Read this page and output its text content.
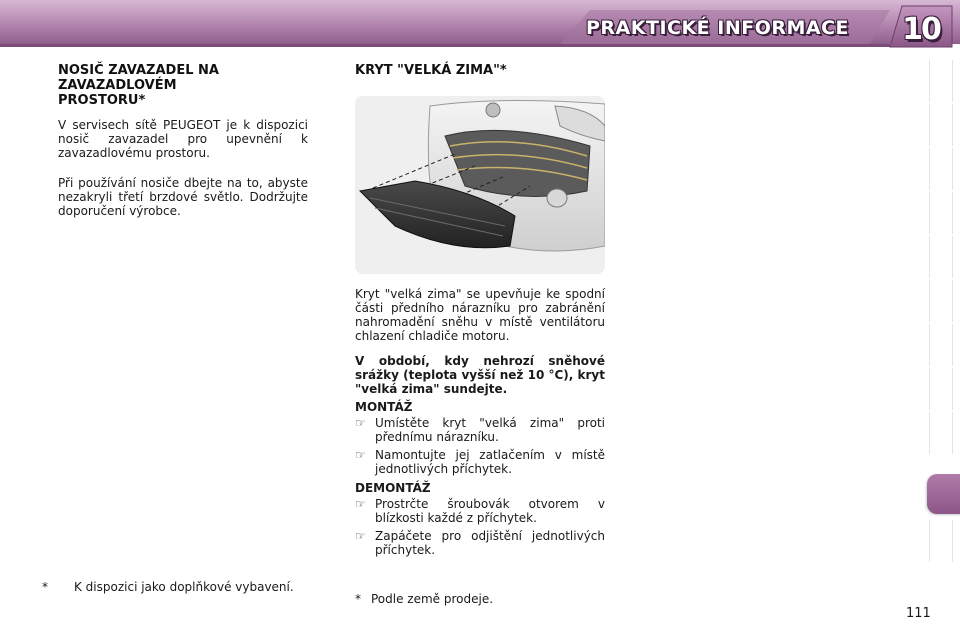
PRAKTICKÉ INFORMACE	10
NOSIČ ZAVAZADEL NA ZAVAZADLOVÉM PROSTORU*
V servisech sítě PEUGEOT je k dispozici nosič zavazadel pro upevnění k zavazadlovému prostoru.
Při používání nosiče dbejte na to, abyste nezakryli třetí brzdové světlo. Dodržujte doporučení výrobce.
* K dispozici jako doplňkové vybavení.
KRYT "VELKÁ ZIMA"*
Kryt "velká zima" se upevňuje ke spodní části předního nárazníku pro zabránění nahromadění sněhu v místě ventilátoru chlazení chladiče motoru.
V období, kdy nehrozí sněhové srážky (teplota vyšší než 10 °C), kryt "velká zima" sundejte.
MONTÁŽ
☞ Umístěte kryt "velká zima" proti přednímu nárazníku.
☞ Namontujte jej zatlačením v místě jednotlivých příchytek.
DEMONTÁŽ
☞ Prostrčte šroubovák otvorem v blízkosti každé z příchytek.
☞ Zapáčete pro odjištění jednotlivých příchytek.
* Podle země prodeje.
111
